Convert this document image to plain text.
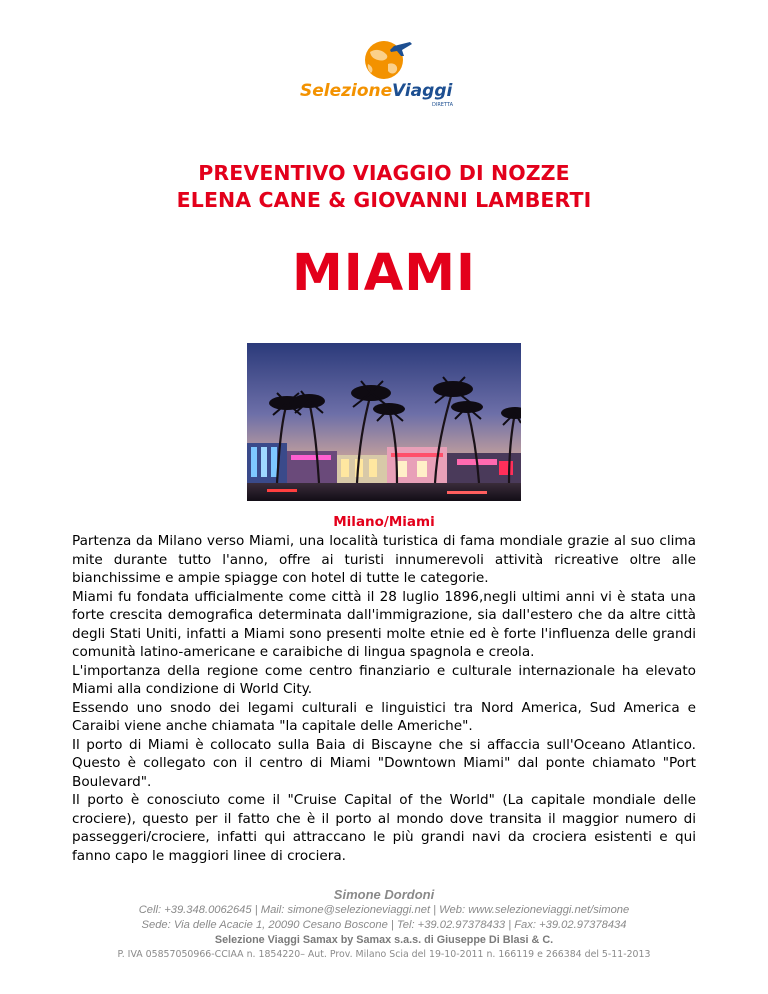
Selezione Viaggi
DIRETTA
PREVENTIVO VIAGGIO DI NOZZE
ELENA CANE & GIOVANNI LAMBERTI
MIAMI
Milano/Miami

Partenza da Milano verso Miami, una località turistica di fama mondiale grazie al suo clima mite durante tutto l'anno, offre ai turisti innumerevoli attività ricreative oltre alle bianchissime e ampie spiagge con hotel di tutte le categorie.

Miami fu fondata ufficialmente come città il 28 luglio 1896,negli ultimi anni vi è stata una forte crescita demografica determinata dall'immigrazione, sia dall'estero che da altre città degli Stati Uniti, infatti a Miami sono presenti molte etnie ed è forte l'influenza delle grandi comunità latino-americane e caraibiche di lingua spagnola e creola.

L'importanza della regione come centro finanziario e culturale internazionale ha elevato Miami alla condizione di World City.

Essendo uno snodo dei legami culturali e linguistici tra Nord America, Sud America e Caraibi viene anche chiamata "la capitale delle Americhe".

Il porto di Miami è collocato sulla Baia di Biscayne che si affaccia sull'Oceano Atlantico. Questo è collegato con il centro di Miami "Downtown Miami" dal ponte chiamato "Port Boulevard".

Il porto è conosciuto come il "Cruise Capital of the World" (La capitale mondiale delle crociere), questo per il fatto che è il porto al mondo dove transita il maggior numero di passeggeri/crociere, infatti qui attraccano le più grandi navi da crociera esistenti e qui fanno capo le maggiori linee di crociera.

Simone Dordoni
Cell: +39.348.0062645 | Mail: simone@selezioneviaggi.net | Web: www.selezioneviaggi.net/simone
Sede: Via delle Acacie 1, 20090 Cesano Boscone | Tel: +39.02.97378433 | Fax: +39.02.97378434
Selezione Viaggi Samax by Samax s.a.s. di Giuseppe Di Blasi & C.
P. IVA 05857050966-CCIAA n. 1854220– Aut. Prov. Milano Scia del 19-10-2011 n. 166119 e 266384 del 5-11-2013
